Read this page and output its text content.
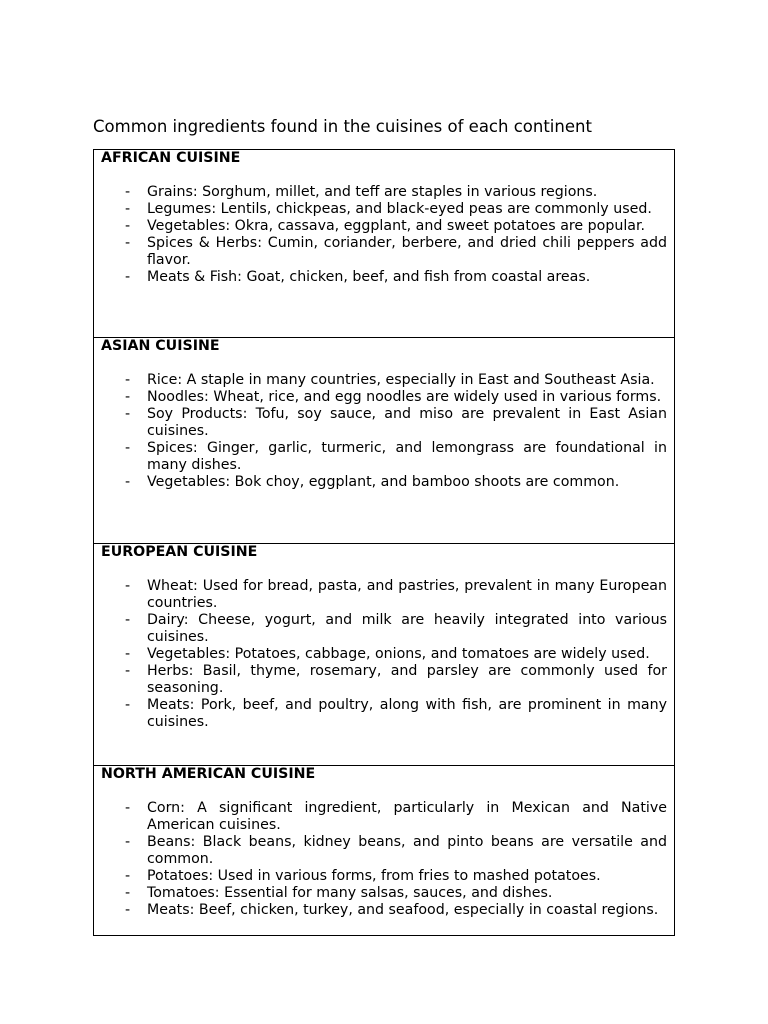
Common ingredients found in the cuisines of each continent
AFRICAN CUISINE
- Grains: Sorghum, millet, and teff are staples in various regions.
- Legumes: Lentils, chickpeas, and black-eyed peas are commonly used.
- Vegetables: Okra, cassava, eggplant, and sweet potatoes are popular.
- Spices & Herbs: Cumin, coriander, berbere, and dried chili peppers add flavor.
- Meats & Fish: Goat, chicken, beef, and fish from coastal areas.

ASIAN CUISINE
- Rice: A staple in many countries, especially in East and Southeast Asia.
- Noodles: Wheat, rice, and egg noodles are widely used in various forms.
- Soy Products: Tofu, soy sauce, and miso are prevalent in East Asian cuisines.
- Spices: Ginger, garlic, turmeric, and lemongrass are foundational in many dishes.
- Vegetables: Bok choy, eggplant, and bamboo shoots are common.

EUROPEAN CUISINE
- Wheat: Used for bread, pasta, and pastries, prevalent in many European countries.
- Dairy: Cheese, yogurt, and milk are heavily integrated into various cuisines.
- Vegetables: Potatoes, cabbage, onions, and tomatoes are widely used.
- Herbs: Basil, thyme, rosemary, and parsley are commonly used for seasoning.
- Meats: Pork, beef, and poultry, along with fish, are prominent in many cuisines.

NORTH AMERICAN CUISINE
- Corn: A significant ingredient, particularly in Mexican and Native American cuisines.
- Beans: Black beans, kidney beans, and pinto beans are versatile and common.
- Potatoes: Used in various forms, from fries to mashed potatoes.
- Tomatoes: Essential for many salsas, sauces, and dishes.
- Meats: Beef, chicken, turkey, and seafood, especially in coastal regions.
